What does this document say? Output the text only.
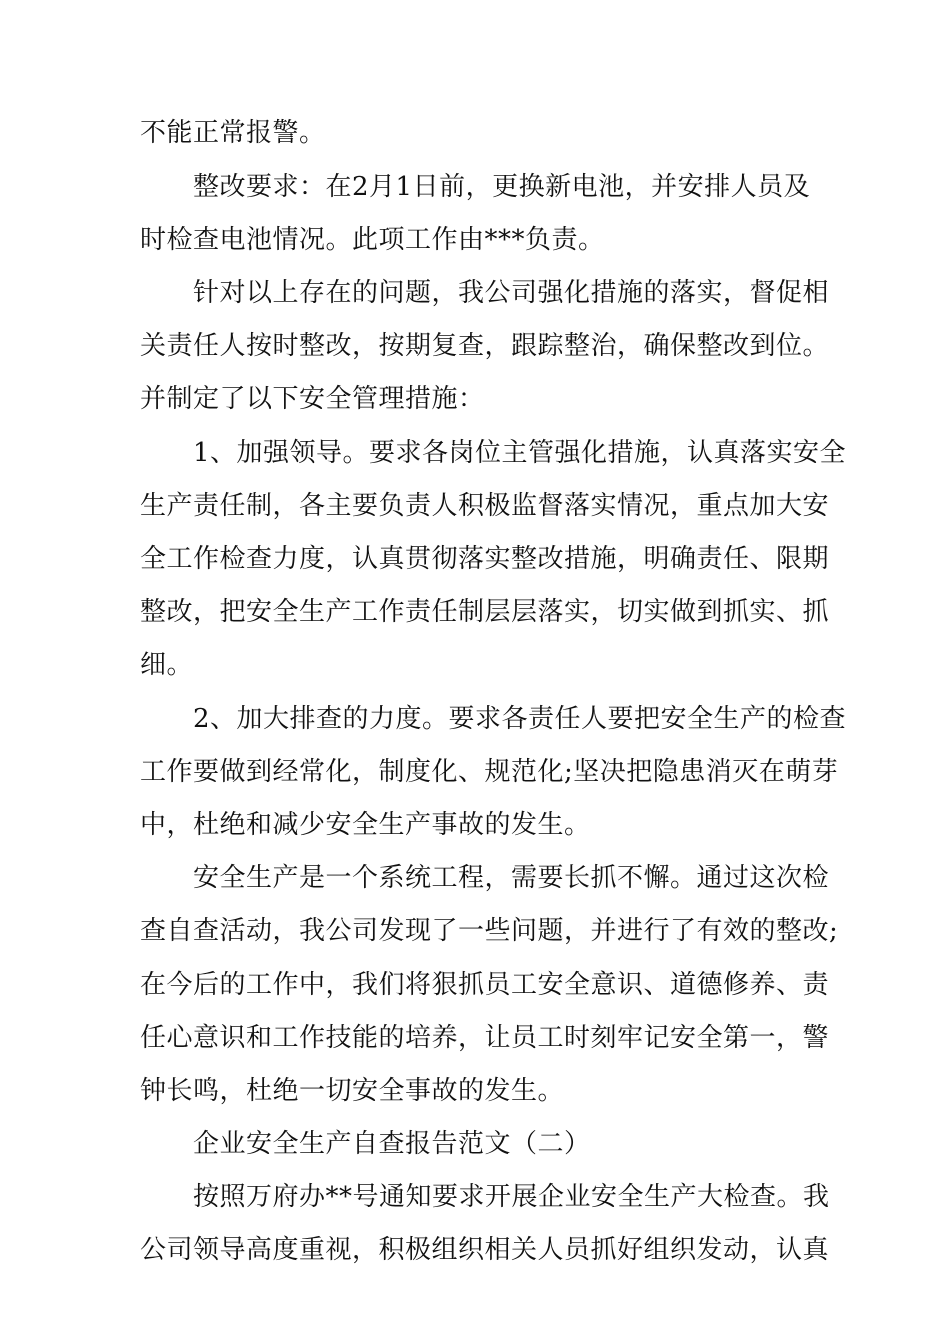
不能正常报警。
整改要求：在2月1日前，更换新电池，并安排人员及
时检查电池情况。此项工作由***负责。
针对以上存在的问题，我公司强化措施的落实，督促相
关责任人按时整改，按期复查，跟踪整治，确保整改到位。
并制定了以下安全管理措施：
1、加强领导。要求各岗位主管强化措施，认真落实安全
生产责任制，各主要负责人积极监督落实情况，重点加大安
全工作检查力度，认真贯彻落实整改措施，明确责任、限期
整改，把安全生产工作责任制层层落实，切实做到抓实、抓
细。
2、加大排查的力度。要求各责任人要把安全生产的检查
工作要做到经常化，制度化、规范化;坚决把隐患消灭在萌芽
中，杜绝和减少安全生产事故的发生。
安全生产是一个系统工程，需要长抓不懈。通过这次检
查自查活动，我公司发现了一些问题，并进行了有效的整改;
在今后的工作中，我们将狠抓员工安全意识、道德修养、责
任心意识和工作技能的培养，让员工时刻牢记安全第一，警
钟长鸣，杜绝一切安全事故的发生。
企业安全生产自查报告范文（二）
按照万府办**号通知要求开展企业安全生产大检查。我
公司领导高度重视，积极组织相关人员抓好组织发动，认真
